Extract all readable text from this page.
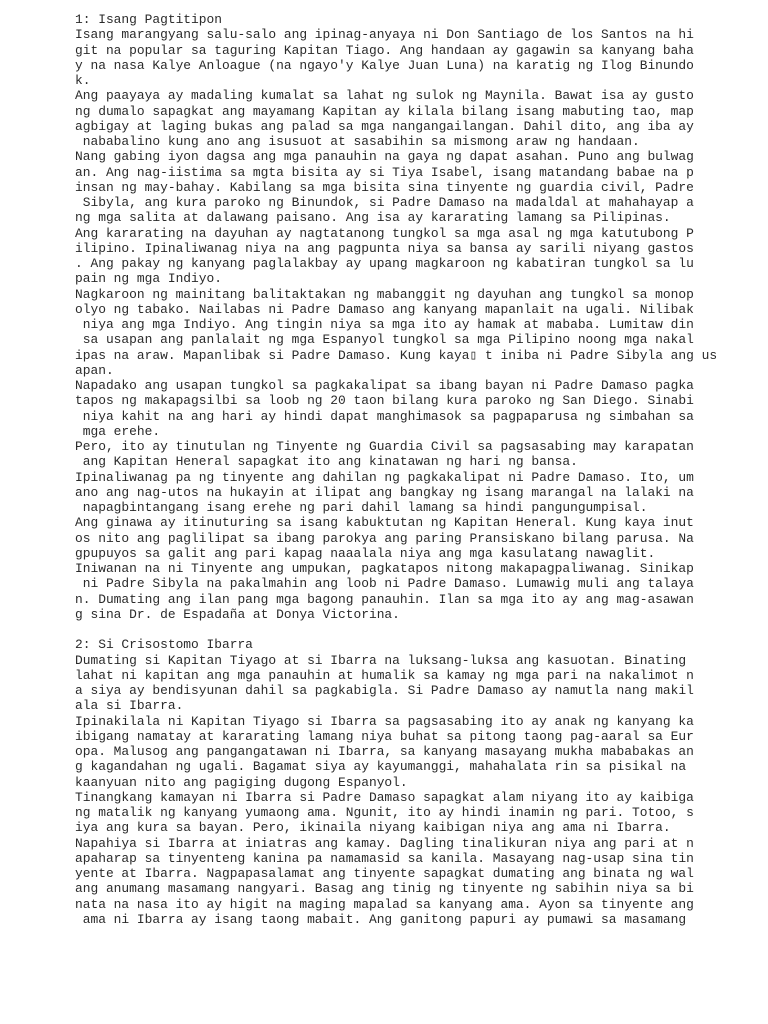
1: Isang Pagtitipon
Isang marangyang salu-salo ang ipinag-anyaya ni Don Santiago de los Santos na hi
git na popular sa taguring Kapitan Tiago. Ang handaan ay gagawin sa kanyang baha
y na nasa Kalye Anloague (na ngayo'y Kalye Juan Luna) na karatig ng Ilog Binundo
k.
Ang paayaya ay madaling kumalat sa lahat ng sulok ng Maynila. Bawat isa ay gusto
ng dumalo sapagkat ang mayamang Kapitan ay kilala bilang isang mabuting tao, map
agbigay at laging bukas ang palad sa mga nangangailangan. Dahil dito, ang iba ay
nababalino kung ano ang isusuot at sasabihin sa mismong araw ng handaan.
Nang gabing iyon dagsa ang mga panauhin na gaya ng dapat asahan. Puno ang bulwag
an. Ang nag-iistima sa mgta bisita ay si Tiya Isabel, isang matandang babae na p
insan ng may-bahay. Kabilang sa mga bisita sina tinyente ng guardia civil, Padre
Sibyla, ang kura paroko ng Binundok, si Padre Damaso na madaldal at mahahayap a
ng mga salita at dalawang paisano. Ang isa ay kararating lamang sa Pilipinas.
Ang kararating na dayuhan ay nagtatanong tungkol sa mga asal ng mga katutubong P
ilipino. Ipinaliwanag niya na ang pagpunta niya sa bansa ay sarili niyang gastos
. Ang pakay ng kanyang paglalakbay ay upang magkaroon ng kabatiran tungkol sa lu
pain ng mga Indiyo.
Nagkaroon ng mainitang balitaktakan ng mabanggit ng dayuhan ang tungkol sa monop
olyo ng tabako. Nailabas ni Padre Damaso ang kanyang mapanlait na ugali. Nilibak
niya ang mga Indiyo. Ang tingin niya sa mga ito ay hamak at mababa. Lumitaw din
sa usapan ang panlalait ng mga Espanyol tungkol sa mga Pilipino noong mga nakal
ipas na araw. Mapanlibak si Padre Damaso. Kung kaya▯ t iniba ni Padre Sibyla ang us
apan.
Napadako ang usapan tungkol sa pagkakalipat sa ibang bayan ni Padre Damaso pagka
tapos ng makapagsilbi sa loob ng 20 taon bilang kura paroko ng San Diego. Sinabi
niya kahit na ang hari ay hindi dapat manghimasok sa pagpaparusa ng simbahan sa
mga erehe.
Pero, ito ay tinutulan ng Tinyente ng Guardia Civil sa pagsasabing may karapatan
ang Kapitan Heneral sapagkat ito ang kinatawan ng hari ng bansa.
Ipinaliwanag pa ng tinyente ang dahilan ng pagkakalipat ni Padre Damaso. Ito, um
ano ang nag-utos na hukayin at ilipat ang bangkay ng isang marangal na lalaki na
napagbintangang isang erehe ng pari dahil lamang sa hindi pangungumpisal.
Ang ginawa ay itinuturing sa isang kabuktutan ng Kapitan Heneral. Kung kaya inut
os nito ang paglilipat sa ibang parokya ang paring Pransiskano bilang parusa. Na
gpupuyos sa galit ang pari kapag naaalala niya ang mga kasulatang nawaglit.
Iniwanan na ni Tinyente ang umpukan, pagkatapos nitong makapagpaliwanag. Sinikap
ni Padre Sibyla na pakalmahin ang loob ni Padre Damaso. Lumawig muli ang talaya
n. Dumating ang ilan pang mga bagong panauhin. Ilan sa mga ito ay ang mag-asawan
g sina Dr. de Espadaña at Donya Victorina.
2: Si Crisostomo Ibarra
Dumating si Kapitan Tiyago at si Ibarra na luksang-luksa ang kasuotan. Binating
lahat ni kapitan ang mga panauhin at humalik sa kamay ng mga pari na nakalimot n
a siya ay bendisyunan dahil sa pagkabigla. Si Padre Damaso ay namutla nang makil
ala si Ibarra.
Ipinakilala ni Kapitan Tiyago si Ibarra sa pagsasabing ito ay anak ng kanyang ka
ibigang namatay at kararating lamang niya buhat sa pitong taong pag-aaral sa Eur
opa. Malusog ang pangangatawan ni Ibarra, sa kanyang masayang mukha mababakas an
g kagandahan ng ugali. Bagamat siya ay kayumanggi, mahahalata rin sa pisikal na
kaanyuan nito ang pagiging dugong Espanyol.
Tinangkang kamayan ni Ibarra si Padre Damaso sapagkat alam niyang ito ay kaibiga
ng matalik ng kanyang yumaong ama. Ngunit, ito ay hindi inamin ng pari. Totoo, s
iya ang kura sa bayan. Pero, ikinaila niyang kaibigan niya ang ama ni Ibarra.
Napahiya si Ibarra at iniatras ang kamay. Dagling tinalikuran niya ang pari at n
apaharap sa tinyenteng kanina pa namamasid sa kanila. Masayang nag-usap sina tin
yente at Ibarra. Nagpapasalamat ang tinyente sapagkat dumating ang binata ng wal
ang anumang masamang nangyari. Basag ang tinig ng tinyente ng sabihin niya sa bi
nata na nasa ito ay higit na maging mapalad sa kanyang ama. Ayon sa tinyente ang
ama ni Ibarra ay isang taong mabait. Ang ganitong papuri ay pumawi sa masamang
